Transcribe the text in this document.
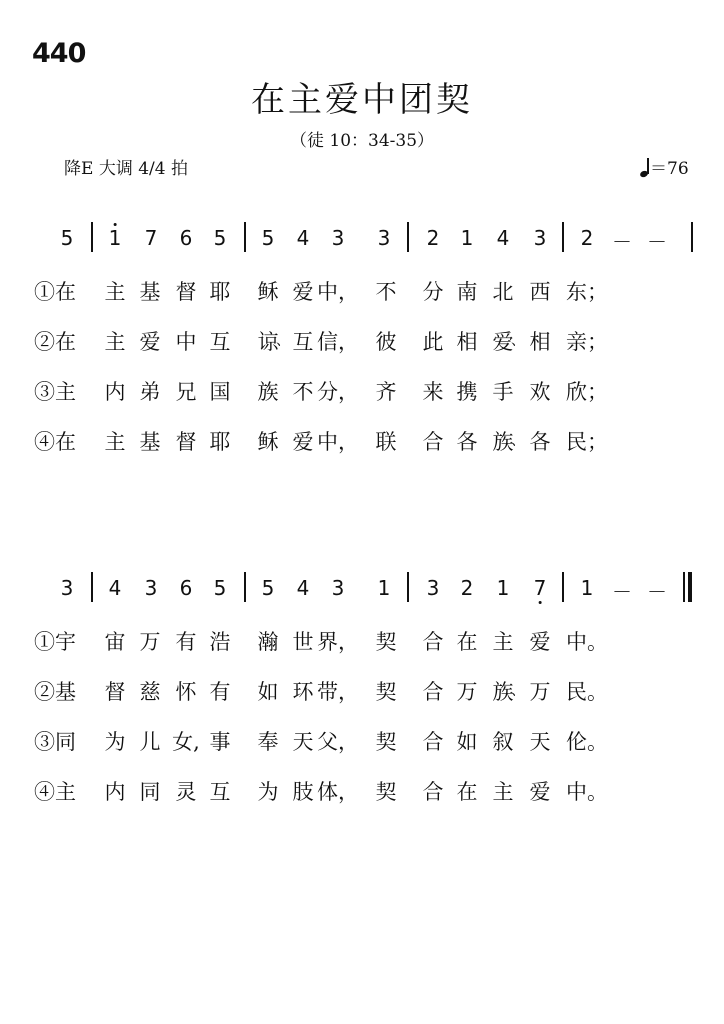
440
在主爱中团契
（徒 10：34-35）
降E 大调 4/4 拍	＝76
5 1 7 6 5 5 4 3 3 2 1 4 3 2 － －
①在 主 基 督 耶 稣 爱 中， 不 分 南 北 西 东；
②在 主 爱 中 互 谅 互 信， 彼 此 相 爱 相 亲；
、	、
③主 内 弟 兄 国 族 不 分， 齐 来 携 手 欢 欣；
④在 主 基 督 耶 稣 爱 中， 联 合 各 族 各 民；
、
3 4 3 6 5 5 4 3 1 3 2 1 7 1 － －
①宇 宙 万 有 浩 瀚 世 界， 契 合 在 主 爱 中。
②基 督 慈 怀 有 如 环 带， 契 合 万 族 万 民。
、
③同 为 儿 女, 事 奉 天 父， 契 合 如 叙 天 伦。
④主 内 同 灵 互 为 肢 体， 契 合 在 主 爱 中。
